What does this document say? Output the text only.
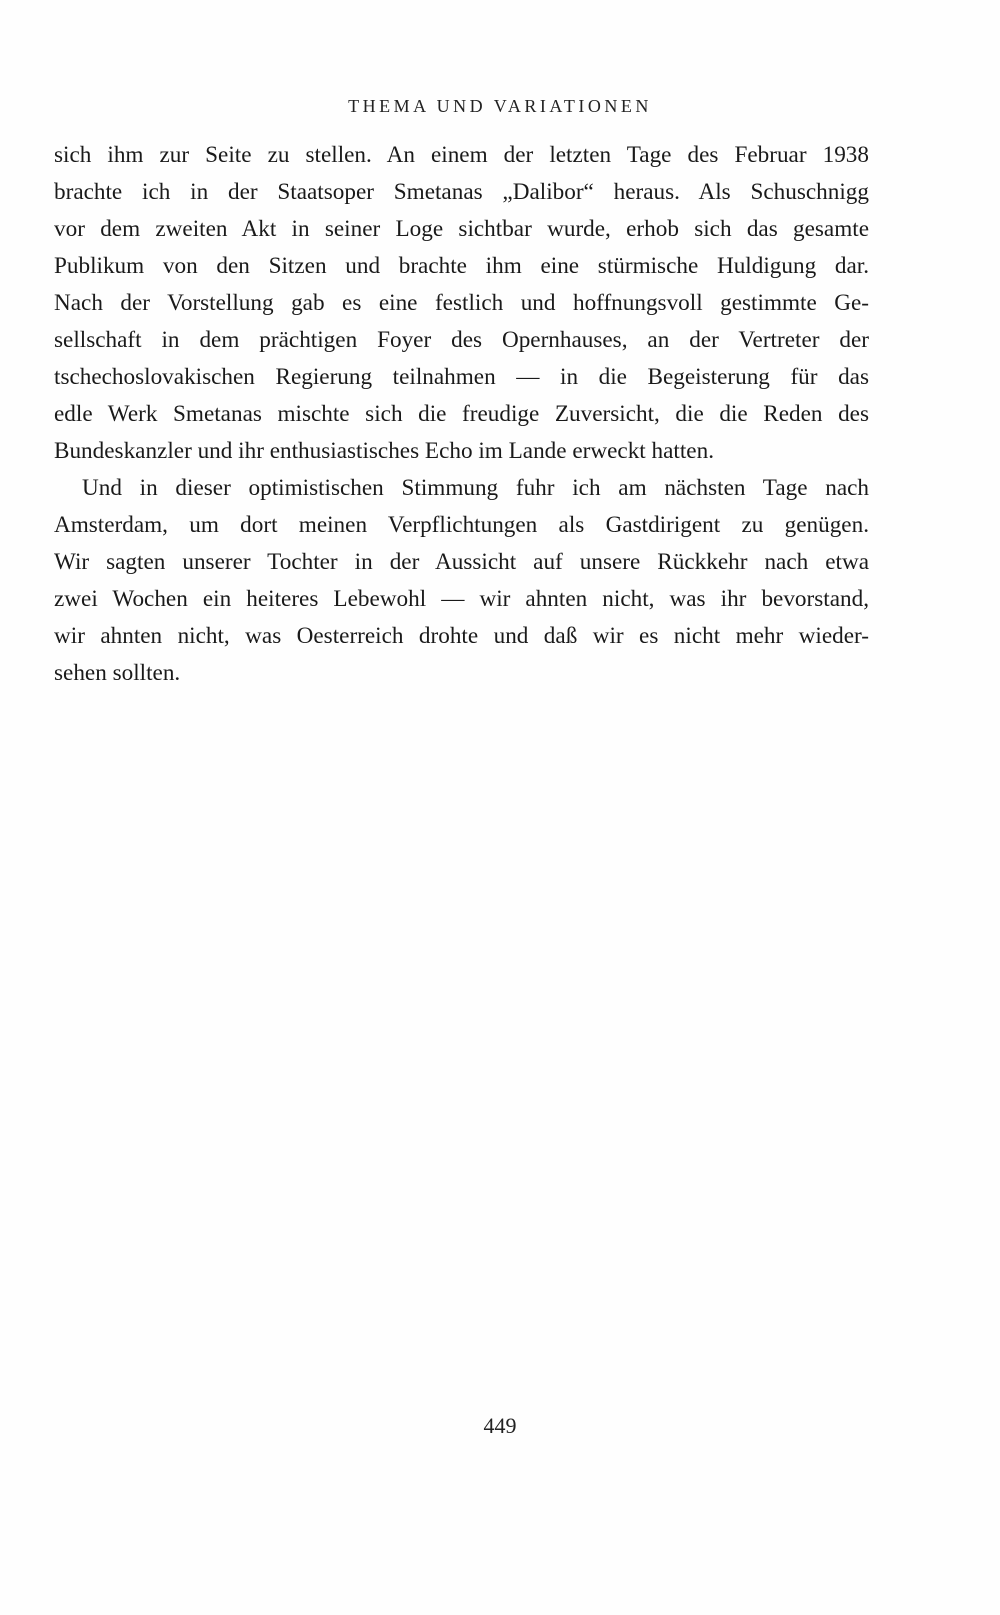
THEMA UND VARIATIONEN
sich ihm zur Seite zu stellen. An einem der letzten Tage des Februar 1938
brachte ich in der Staatsoper Smetanas „Dalibor“ heraus. Als Schuschnigg
vor dem zweiten Akt in seiner Loge sichtbar wurde, erhob sich das gesamte
Publikum von den Sitzen und brachte ihm eine stürmische Huldigung dar.
Nach der Vorstellung gab es eine festlich und hoffnungsvoll gestimmte Ge-
sellschaft in dem prächtigen Foyer des Opernhauses, an der Vertreter der
tschechoslovakischen Regierung teilnahmen — in die Begeisterung für das
edle Werk Smetanas mischte sich die freudige Zuversicht, die die Reden des
Bundeskanzler und ihr enthusiastisches Echo im Lande erweckt hatten.
Und in dieser optimistischen Stimmung fuhr ich am nächsten Tage nach
Amsterdam, um dort meinen Verpflichtungen als Gastdirigent zu genügen.
Wir sagten unserer Tochter in der Aussicht auf unsere Rückkehr nach etwa
zwei Wochen ein heiteres Lebewohl — wir ahnten nicht, was ihr bevorstand,
wir ahnten nicht, was Oesterreich drohte und daß wir es nicht mehr wieder-
sehen sollten.
449
